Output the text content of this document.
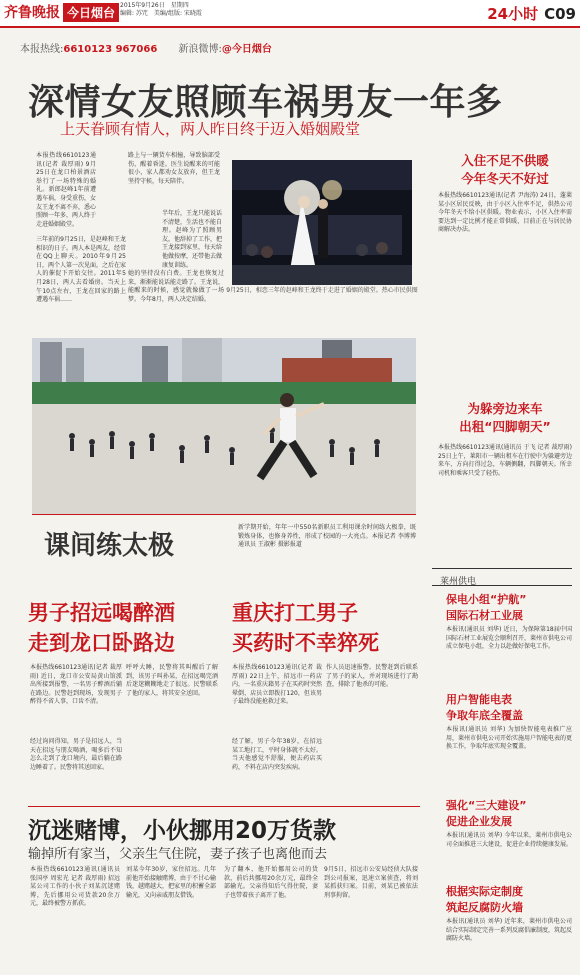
齐鲁晚报 今日烟台
2015年9月26日　星期四
编辑: 苏咒　美编/组版: 宋晓霞	24小时 C09
本报热线:6610123 967066 新浪微博:@今日烟台
深情女友照顾车祸男友一年多
上天眷顾有情人，两人昨日终于迈入婚姻殿堂
本报热线6610123通讯(记者 裁厚雨) 9月25日在龙口柏景酒店举行了一场特殊的婚礼。新郎赵峰1年前遭遇车祸，身受重伤，女友王龙不离不弃，悉心照顾一年多，两人终于走进婚姻殿堂。
三年前的9月25日，是赵峰和王龙相识的日子。两人本是两友，经常在QQ上聊天。2010年9月25日，两个人第一次见面，之后在家人的催促下开始交往。2011年5月28日，两人去看婚房。当天上午10点左右，王龙在回家的路上遭遇车祸……
路上与一辆货车相撞，导致脑部受伤，醒着昏迷。医生说醒来的可能很小，家人都劝女友放弃，但王龙坚持守候，每天陪伴。
半年后，王龙只能说话不清楚，生活也不能自理。赵峰为了照顾男友，他辞掉了工作，把王龙接到家里，每天给他做按摩，还带他去做康复训练。
她的坚持没有白费。王龙也恢复过来，渐渐能说话能走路了。王龙说，能醒来的时候，感觉就像做了一场梦。今年8月，两人决定结婚。
9月25日，相恋三年的赵峰和王龙终于走进了婚姻的殿堂。热心市民供图
入住不足不供暖
今年冬天不好过
本报热线6610123通讯(记者 尹海涛) 24日，蓬莱某小区居民反映，由于小区入住率不足，供热公司今年冬天不给小区供暖。物业表示，小区入住率需要达到一定比例才能正常供暖，目前正在与居民协商解决办法。
为躲旁边来车
出租“四脚朝天”
本报热线6610123通讯(通讯员 于飞 记者 裁厚雨) 25日上午，莱阳市一辆出租车在行驶中为躲避旁边来车，方向打得过急，车辆侧翻，四脚朝天。所幸司机和乘客只受了轻伤。
课间练太极
新学期开始，年年一中550名新职员工利用课余时间练大极拳，既锻炼身体，也修身养性，形成了校园的一大亮点。本报记者 李博博 通讯员 王淑彬 摄影报道
男子招远喝醉酒
走到龙口卧路边
本报热线6610123通讯(记者 裁厚雨) 近日，龙口市公安局黄山馆派出所接到报警，一名男子醉酒后躺在路边。民警赶到现场，发现男子醉得不省人事，口齿不清。
经过询问得知，男子是招远人，当天在招远与朋友喝酒，喝多后不知怎么走到了龙口境内，最后躺在路边睡着了。民警将其送回家。
呼呼大睡，民警将其叫醒后了解到，该男子叫孙某，在招远喝完酒后迷迷糊糊地走了很远。民警联系了他的家人，将其安全送回。
重庆打工男子
买药时不幸猝死
本报热线6610123通讯(记者 裁厚雨) 22日上午，招远市一药店内，一名重庆籍男子在买药时突然晕倒，店员立即拨打120，但该男子最终没能抢救过来。
经了解，男子今年38岁，在招远某工地打工，平时身体就不太好。当天他感觉不舒服，便去药店买药，不料在店内突发疾病。
作人员迅速报警。民警赶到后联系了男子的家人，并对现场进行了勘查，排除了他杀的可能。
沉迷赌博，小伙挪用20万货款
输掉所有家当，父亲生气住院，妻子孩子也离他而去
本报热线6610123通讯(通讯员 张国亭 周宏光 记者 裁厚雨) 招远某公司工作的小伙子刘某沉迷赌博，先后挪用公司货款20余万元，最终被警方抓获。
刘某今年30岁，家住招远。几年前他开始接触赌博，由于不甘心输钱，越赌越大，把家里的积蓄全部输光，又向亲戚朋友借钱。
为了翻本，他开始挪用公司的货款，前后共挪用20余万元，最终全部输光。父亲得知后气得住院，妻子也带着孩子离开了他。
9月5日，招远市公安局经侦大队接到公司报案，迅速立案侦查，将刘某抓获归案。目前，刘某已被依法刑事拘留。
莱州供电
保电小组“护航”
国际石材工业展
本报讯(通讯员 刘华) 近日，为保障第18届中国国际石材工业展览会顺利召开，莱州市供电公司成立保电小组，全力以赴做好保电工作。
用户智能电表
争取年底全覆盖
本报讯(通讯员 刘华) 为加快智能电表推广应用，莱州市供电公司开始实施用户智能电表的更换工作，争取年底实现全覆盖。
强化“三大建设”
促进企业发展
本报讯(通讯员 刘华) 今年以来，莱州市供电公司全面推进三大建设，促进企业持续健康发展。
根据实际定制度
筑起反腐防火墙
本报讯(通讯员 刘华) 近年来，莱州市供电公司结合实际制定完善一系列反腐倡廉制度，筑起反腐防火墙。
